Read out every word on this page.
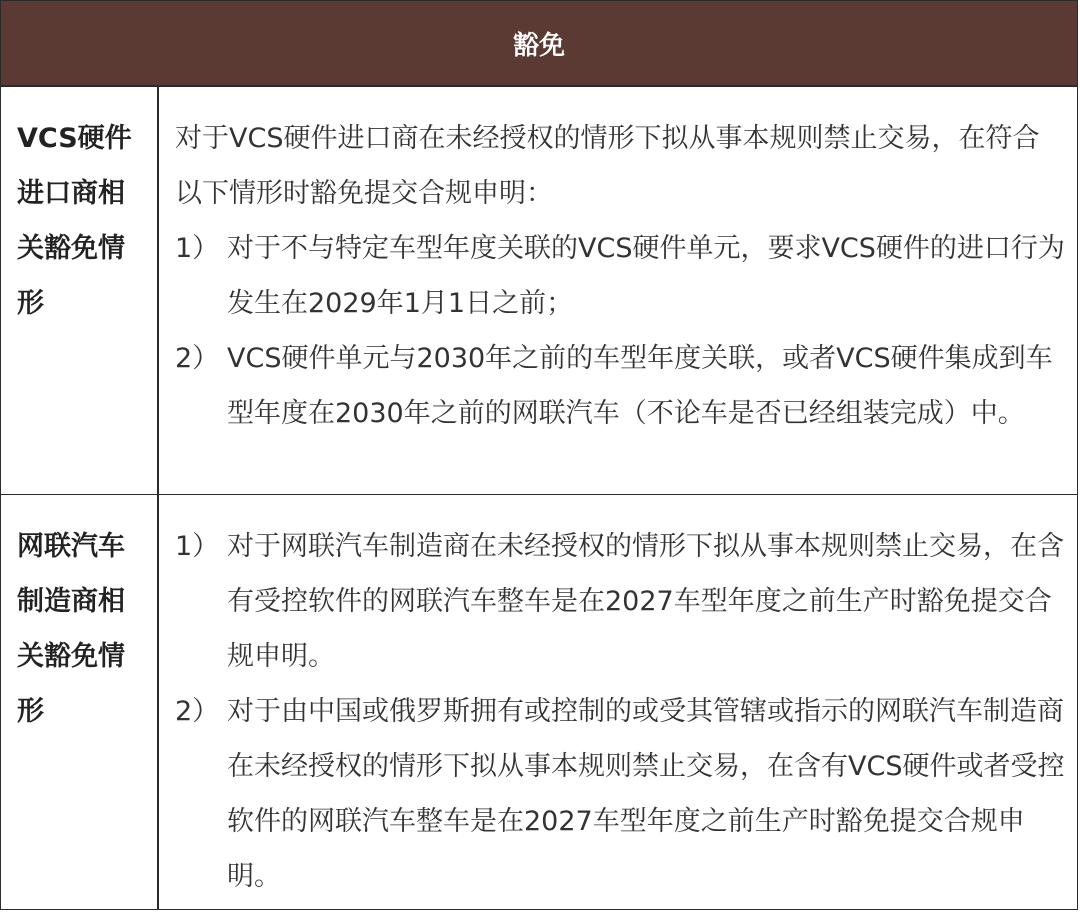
豁免
VCS硬件进口商相关豁免情形

对于VCS硬件进口商在未经授权的情形下拟从事本规则禁止交易，在符合以下情形时豁免提交合规申明：

1） 对于不与特定车型年度关联的VCS硬件单元，要求VCS硬件的进口行为发生在2029年1月1日之前；
2） VCS硬件单元与2030年之前的车型年度关联，或者VCS硬件集成到车型年度在2030年之前的网联汽车（不论车是否已经组装完成）中。
网联汽车制造商相关豁免情形
1） 对于网联汽车制造商在未经授权的情形下拟从事本规则禁止交易，在含有受控软件的网联汽车整车是在2027车型年度之前生产时豁免提交合规申明。
2） 对于由中国或俄罗斯拥有或控制的或受其管辖或指示的网联汽车制造商在未经授权的情形下拟从事本规则禁止交易，在含有VCS硬件或者受控软件的网联汽车整车是在2027车型年度之前生产时豁免提交合规申明。
